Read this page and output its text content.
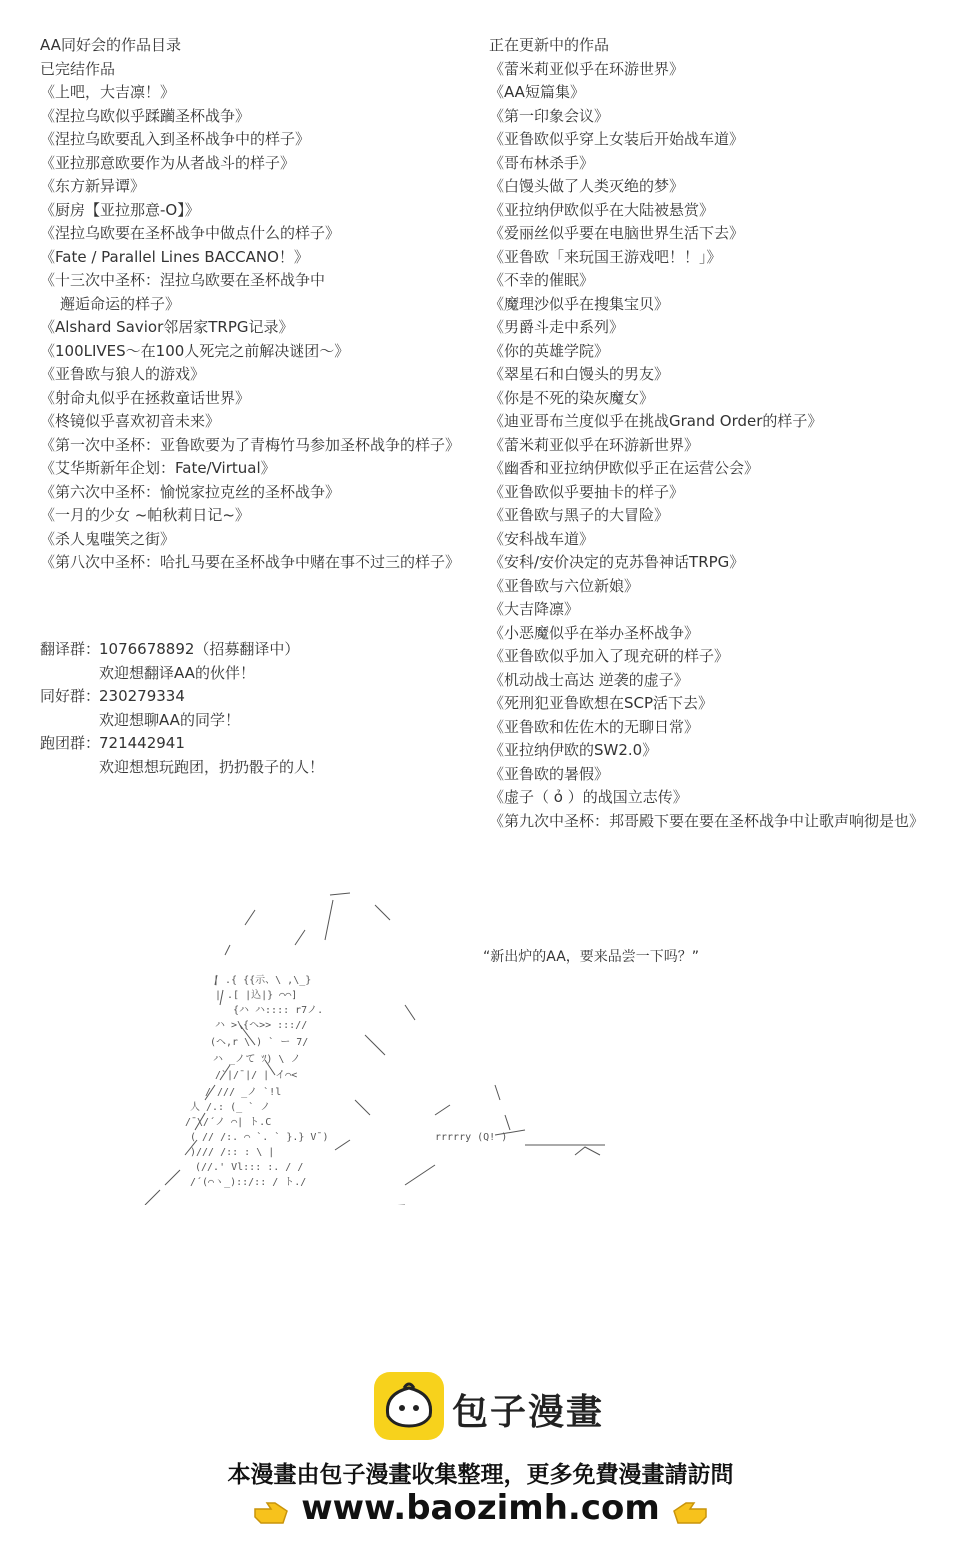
AA同好会的作品目录
已完结作品
《上吧，大吉凛！》
《涅拉乌欧似乎蹂躏圣杯战争》
《涅拉乌欧要乱入到圣杯战争中的样子》
《亚拉那意欧要作为从者战斗的样子》
《东方新异谭》
《厨房【亚拉那意-O】》
《涅拉乌欧要在圣杯战争中做点什么的样子》
《Fate / Parallel Lines BACCANO！》
《十三次中圣杯：涅拉乌欧要在圣杯战争中
邂逅命运的样子》
《Alshard Savior邻居家TRPG记录》
《100LIVES～在100人死完之前解决谜团～》
《亚鲁欧与狼人的游戏》
《射命丸似乎在拯救童话世界》
《柊镜似乎喜欢初音未来》
《第一次中圣杯：亚鲁欧要为了青梅竹马参加圣杯战争的样子》
《艾华斯新年企划：Fate/Virtual》
《第六次中圣杯：愉悦家拉克丝的圣杯战争》
《一月的少女 ~帕秋莉日记~》
《杀人鬼嗤笑之街》
《第八次中圣杯：哈扎马要在圣杯战争中赌在事不过三的样子》
正在更新中的作品
《蕾米莉亚似乎在环游世界》
《AA短篇集》
《第一印象会议》
《亚鲁欧似乎穿上女装后开始战车道》
《哥布林杀手》
《白馒头做了人类灭绝的梦》
《亚拉纳伊欧似乎在大陆被悬赏》
《爱丽丝似乎要在电脑世界生活下去》
《亚鲁欧「来玩国王游戏吧！！」》
《不幸的催眠》
《魔理沙似乎在搜集宝贝》
《男爵斗走中系列》
《你的英雄学院》
《翠星石和白馒头的男友》
《你是不死的染灰魔女》
《迪亚哥布兰度似乎在挑战Grand Order的样子》
《蕾米莉亚似乎在环游新世界》
《幽香和亚拉纳伊欧似乎正在运营公会》
《亚鲁欧似乎要抽卡的样子》
《亚鲁欧与黑子的大冒险》
《安科战车道》
《安科/安价决定的克苏鲁神话TRPG》
《亚鲁欧与六位新娘》
《大吉降凛》
《小恶魔似乎在举办圣杯战争》
《亚鲁欧似乎加入了现充研的样子》
《机动战士高达 逆袭的虚子》
《死刑犯亚鲁欧想在SCP活下去》
《亚鲁欧和佐佐木的无聊日常》
《亚拉纳伊欧的SW2.0》
《亚鲁欧的暑假》
《虚子（ ỏ ）的战国立志传》
《第九次中圣杯：邦哥殿下要在要在圣杯战争中让歌声响彻是也》
翻译群：
1076678892（招募翻译中）
欢迎想翻译AA的伙伴！
同好群：
230279334
欢迎想聊AA的同学！
跑团群：
721442941
欢迎想想玩跑团，扔扔骰子的人！
| .{ {{示、\ ,\_}
| .[ |込|} ⌒⌒]
{ハ ハ:::: r7ノ.
ハ >\{ヘ>> ::://
(ヘ,r \ ) ` ー 7/
ハ _ノて ﾂ) \ ノ
/`|/¯|/ | イ⌒<
/ /// _ノ `!l
人 /.: (_ ` ノ
/¯\/´ノ ⌒| ト.C
( // /:. ⌒ `. ` }.} V¯)	rrrrry (Q! )
)/// /:: : \ |
(//.' Vl::: :. / /
/´(⌒ヽ_)::/:: / ト./
“新出炉的AA，要来品尝一下吗？”
包子漫畫
本漫畫由包子漫畫收集整理，更多免費漫畫請訪問
www.baozimh.com
